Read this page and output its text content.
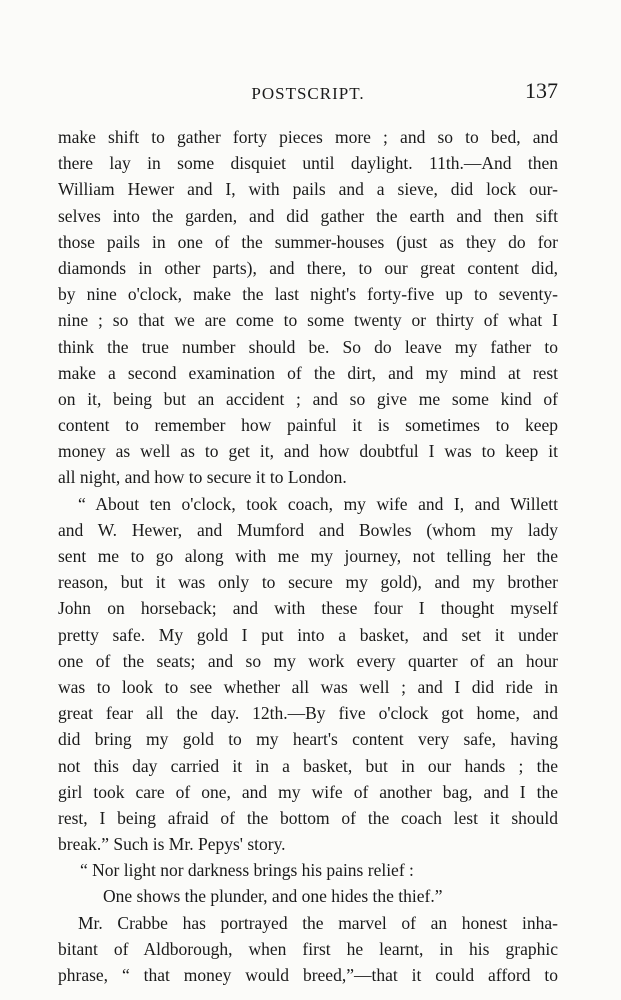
POSTSCRIPT.	137
make shift to gather forty pieces more ; and so to bed, and
there lay in some disquiet until daylight. 11th.—And then
William Hewer and I, with pails and a sieve, did lock our-
selves into the garden, and did gather the earth and then sift
those pails in one of the summer-houses (just as they do for
diamonds in other parts), and there, to our great content did,
by nine o'clock, make the last night's forty-five up to seventy-
nine ; so that we are come to some twenty or thirty of what I
think the true number should be. So do leave my father to
make a second examination of the dirt, and my mind at rest
on it, being but an accident ; and so give me some kind of
content to remember how painful it is sometimes to keep
money as well as to get it, and how doubtful I was to keep it
all night, and how to secure it to London.
“ About ten o'clock, took coach, my wife and I, and Willett
and W. Hewer, and Mumford and Bowles (whom my lady
sent me to go along with me my journey, not telling her the
reason, but it was only to secure my gold), and my brother
John on horseback; and with these four I thought myself
pretty safe. My gold I put into a basket, and set it under
one of the seats; and so my work every quarter of an hour
was to look to see whether all was well ; and I did ride in
great fear all the day. 12th.—By five o'clock got home, and
did bring my gold to my heart's content very safe, having
not this day carried it in a basket, but in our hands ; the
girl took care of one, and my wife of another bag, and I the
rest, I being afraid of the bottom of the coach lest it should
break.” Such is Mr. Pepys' story.
“ Nor light nor darkness brings his pains relief :
One shows the plunder, and one hides the thief.”
Mr. Crabbe has portrayed the marvel of an honest inha-
bitant of Aldborough, when first he learnt, in his graphic
phrase, “ that money would breed,”—that it could afford to
